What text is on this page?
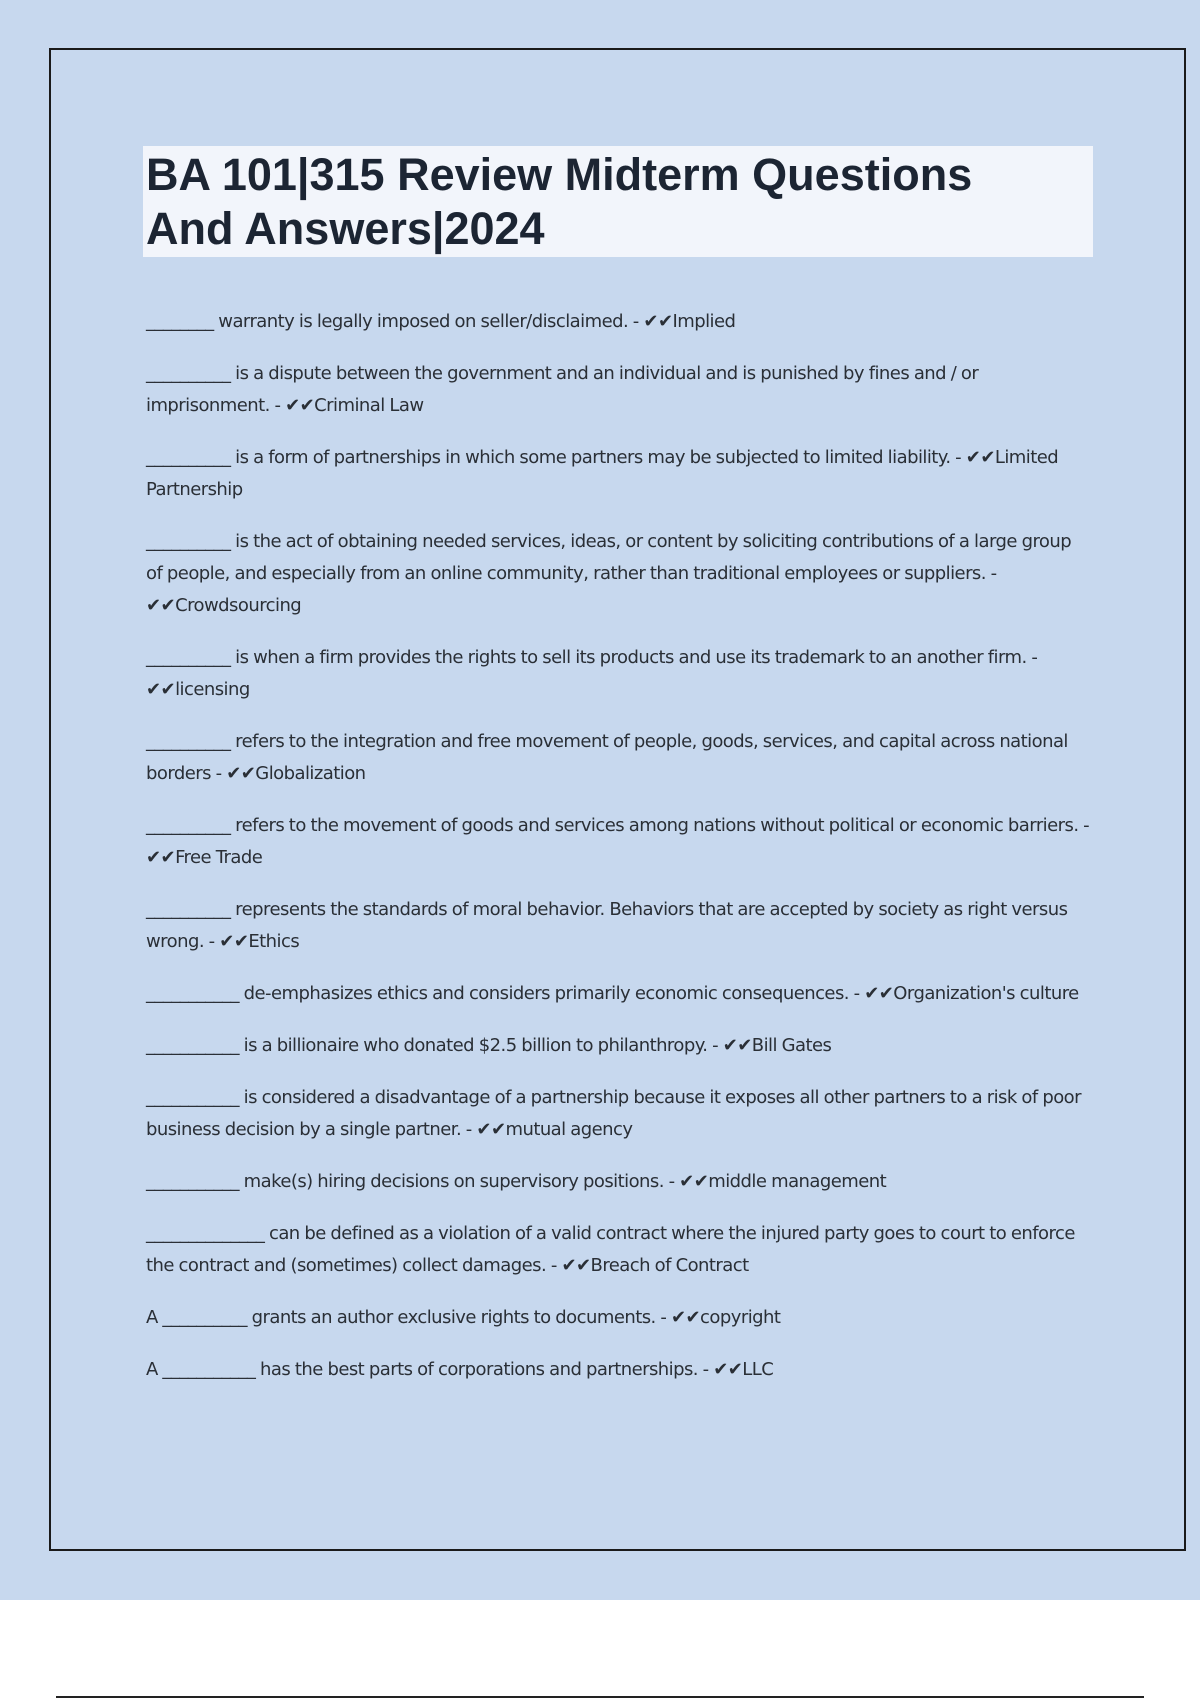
BA 101|315 Review Midterm Questions
And Answers|2024
________ warranty is legally imposed on seller/disclaimed. - ✔✔Implied
__________ is a dispute between the government and an individual and is punished by fines and / or imprisonment. - ✔✔Criminal Law
__________ is a form of partnerships in which some partners may be subjected to limited liability. - ✔✔Limited Partnership
__________ is the act of obtaining needed services, ideas, or content by soliciting contributions of a large group of people, and especially from an online community, rather than traditional employees or suppliers. - ✔✔Crowdsourcing
__________ is when a firm provides the rights to sell its products and use its trademark to an another firm. - ✔✔licensing
__________ refers to the integration and free movement of people, goods, services, and capital across national borders - ✔✔Globalization
__________ refers to the movement of goods and services among nations without political or economic barriers. - ✔✔Free Trade
__________ represents the standards of moral behavior. Behaviors that are accepted by society as right versus wrong. - ✔✔Ethics
___________ de-emphasizes ethics and considers primarily economic consequences. - ✔✔Organization's culture
___________ is a billionaire who donated $2.5 billion to philanthropy. - ✔✔Bill Gates
___________ is considered a disadvantage of a partnership because it exposes all other partners to a risk of poor business decision by a single partner. - ✔✔mutual agency
___________ make(s) hiring decisions on supervisory positions. - ✔✔middle management
______________ can be defined as a violation of a valid contract where the injured party goes to court to enforce the contract and (sometimes) collect damages. - ✔✔Breach of Contract
A __________ grants an author exclusive rights to documents. - ✔✔copyright
A ___________ has the best parts of corporations and partnerships. - ✔✔LLC
